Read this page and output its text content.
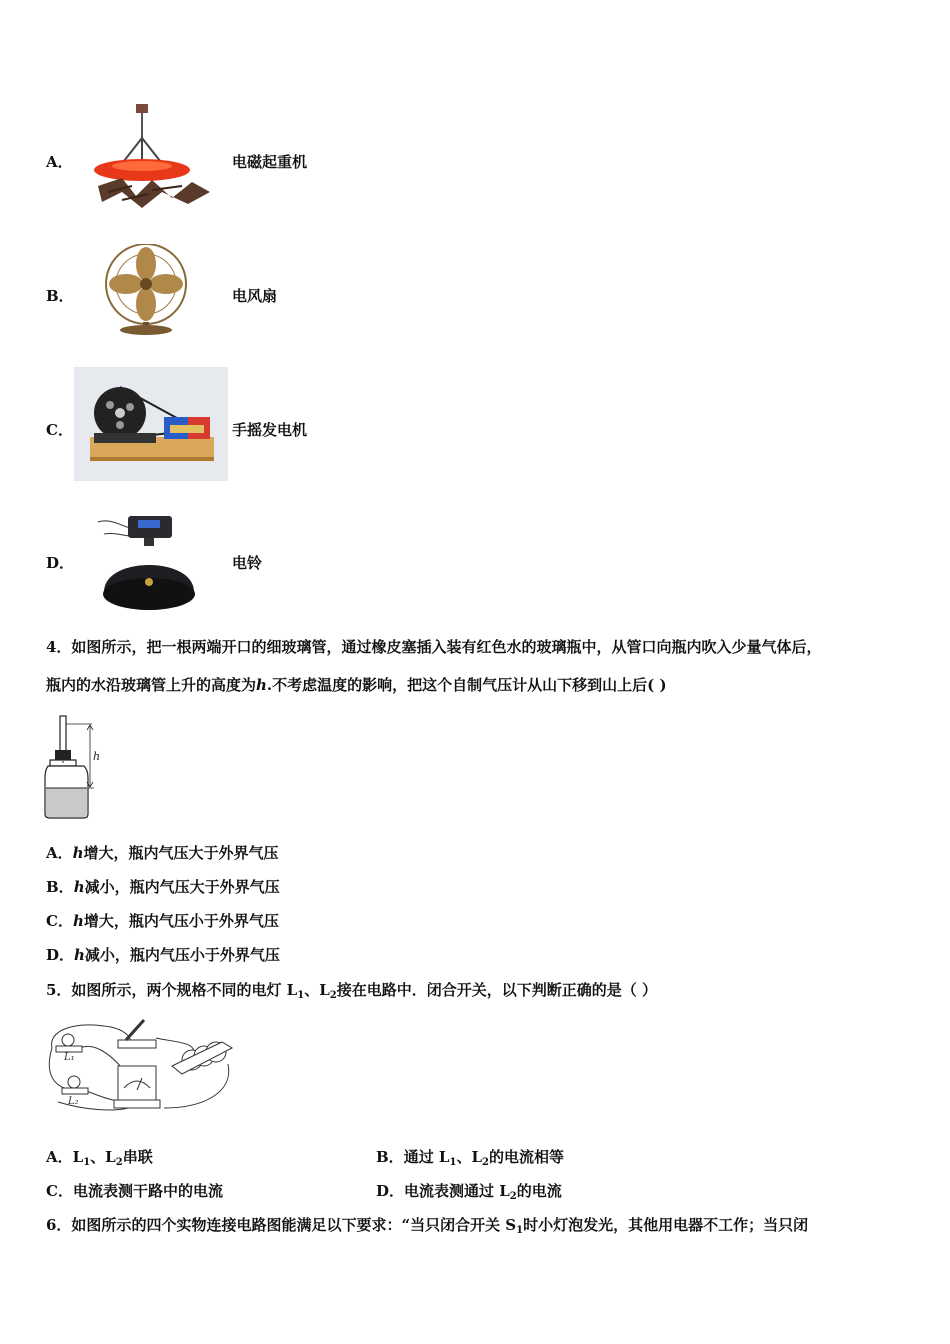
A．	电磁起重机
B．	电风扇
C．	手摇发电机
D．	电铃
4．如图所示，把一根两端开口的细玻璃管，通过橡皮塞插入装有红色水的玻璃瓶中，从管口向瓶内吹入少量气体后，
瓶内的水沿玻璃管上升的高度为h.不考虑温度的影响，把这个自制气压计从山下移到山上后( )
h
A．h增大，瓶内气压大于外界气压
B．h减小，瓶内气压大于外界气压
C．h增大，瓶内气压小于外界气压
D．h减小，瓶内气压小于外界气压
5．如图所示，两个规格不同的电灯 $L_1$、$L_2$接在电路中．闭合开关，以下判断正确的是（ ）
L₁
L₂
A．$L_1$、$L_2$串联	B．通过 $L_1$、$L_2$的电流相等
C．电流表测干路中的电流	D．电流表测通过 $L_2$的电流
6．如图所示的四个实物连接电路图能满足以下要求：“当只闭合开关 $S_1$时小灯泡发光，其他用电器不工作；当只闭
